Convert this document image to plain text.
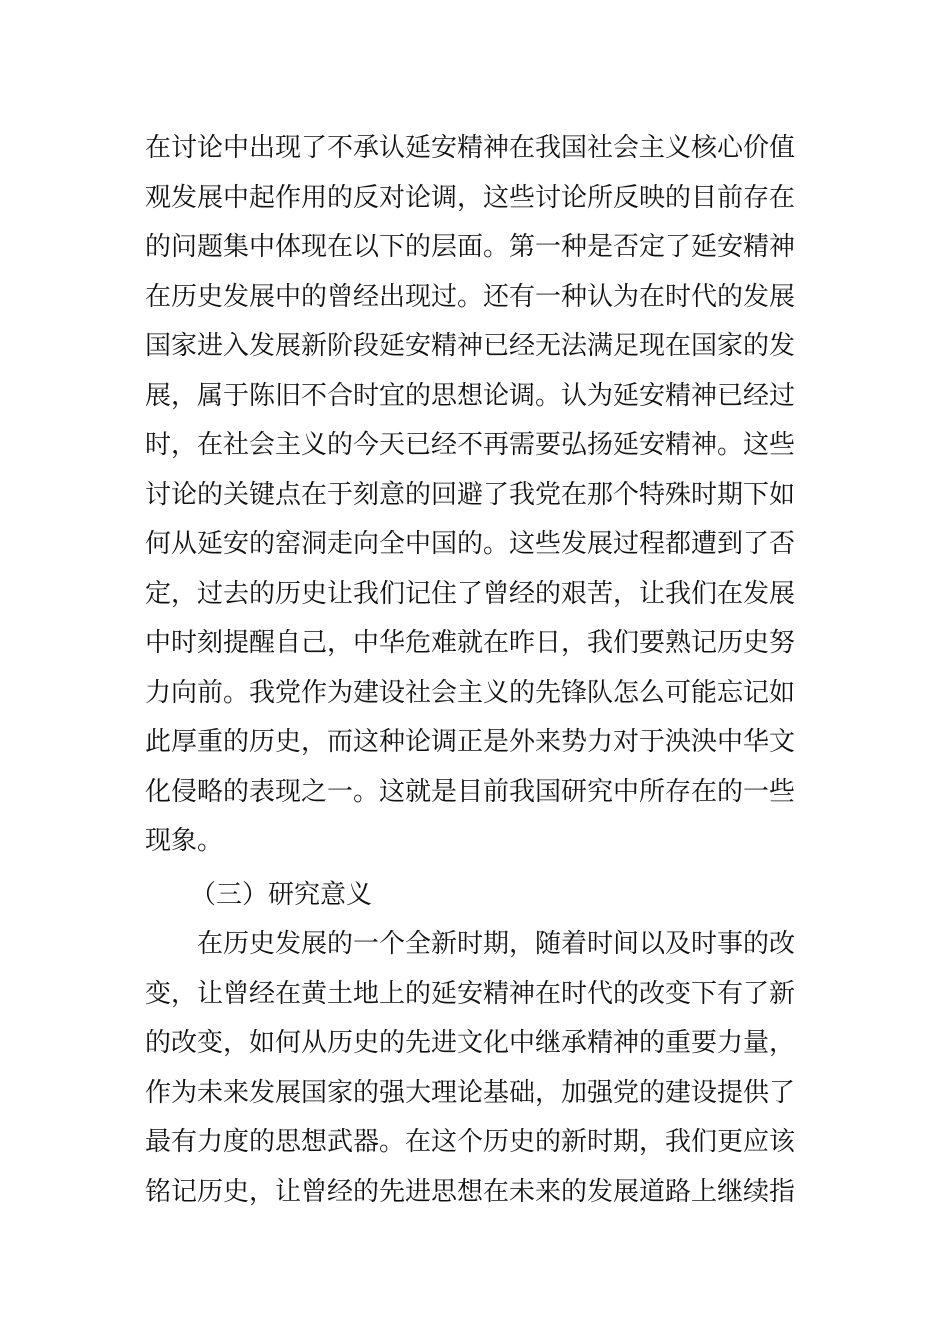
在讨论中出现了不承认延安精神在我国社会主义核心价值
观发展中起作用的反对论调，这些讨论所反映的目前存在
的问题集中体现在以下的层面。第一种是否定了延安精神
在历史发展中的曾经出现过。还有一种认为在时代的发展
国家进入发展新阶段延安精神已经无法满足现在国家的发
展，属于陈旧不合时宜的思想论调。认为延安精神已经过
时，在社会主义的今天已经不再需要弘扬延安精神。这些
讨论的关键点在于刻意的回避了我党在那个特殊时期下如
何从延安的窑洞走向全中国的。这些发展过程都遭到了否
定，过去的历史让我们记住了曾经的艰苦，让我们在发展
中时刻提醒自己，中华危难就在昨日，我们要熟记历史努
力向前。我党作为建设社会主义的先锋队怎么可能忘记如
此厚重的历史，而这种论调正是外来势力对于泱泱中华文
化侵略的表现之一。这就是目前我国研究中所存在的一些
现象。
（三）研究意义
　　在历史发展的一个全新时期，随着时间以及时事的改
变，让曾经在黄土地上的延安精神在时代的改变下有了新
的改变，如何从历史的先进文化中继承精神的重要力量，
作为未来发展国家的强大理论基础，加强党的建设提供了
最有力度的思想武器。在这个历史的新时期，我们更应该
铭记历史，让曾经的先进思想在未来的发展道路上继续指
